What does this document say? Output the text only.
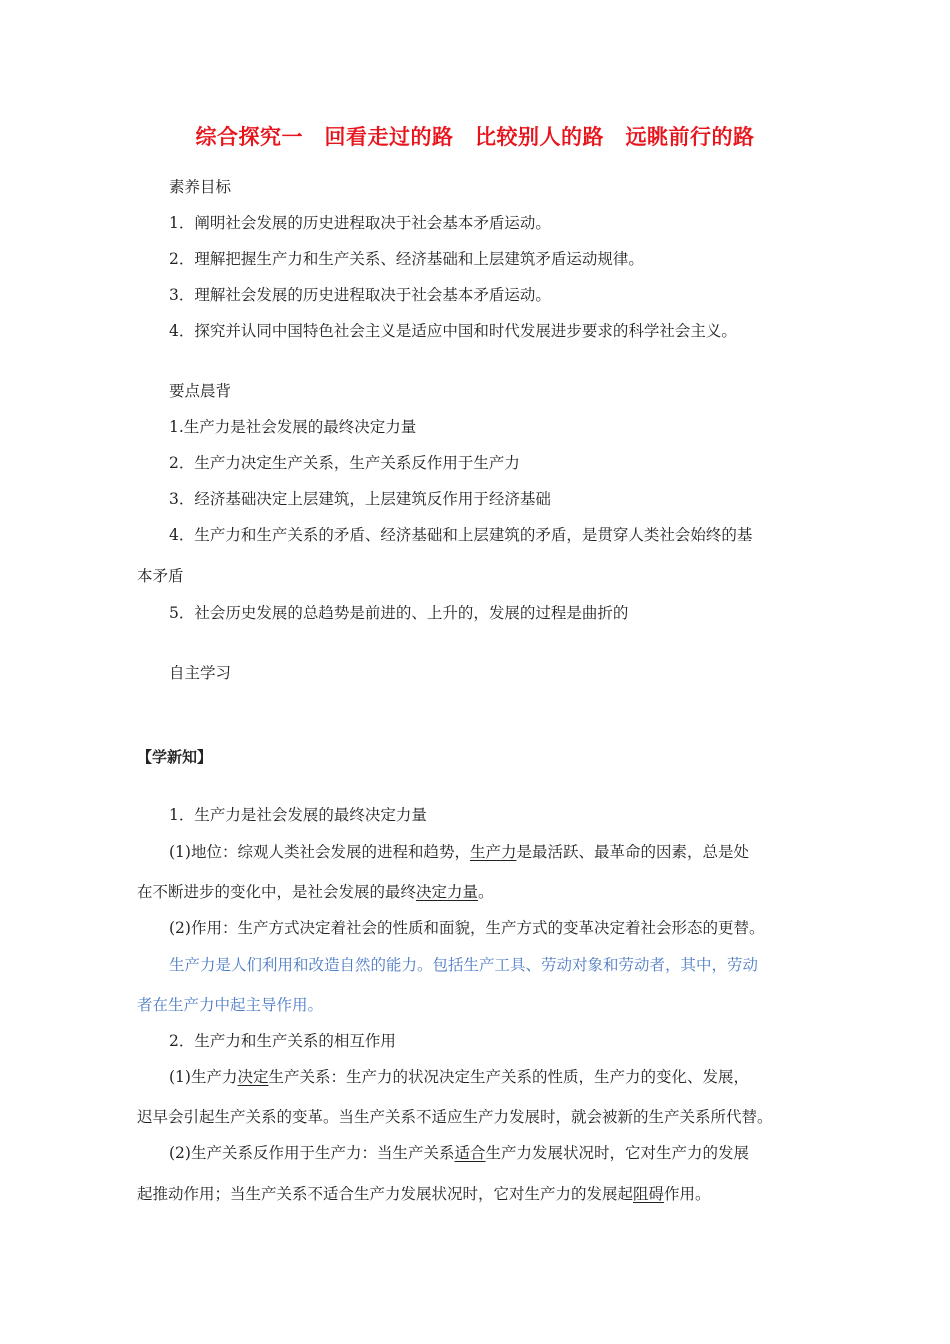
综合探究一　回看走过的路　比较别人的路　远眺前行的路
素养目标
1．阐明社会发展的历史进程取决于社会基本矛盾运动。
2．理解把握生产力和生产关系、经济基础和上层建筑矛盾运动规律。
3．理解社会发展的历史进程取决于社会基本矛盾运动。
4．探究并认同中国特色社会主义是适应中国和时代发展进步要求的科学社会主义。
要点晨背
1.生产力是社会发展的最终决定力量
2．生产力决定生产关系，生产关系反作用于生产力
3．经济基础决定上层建筑，上层建筑反作用于经济基础
4．生产力和生产关系的矛盾、经济基础和上层建筑的矛盾，是贯穿人类社会始终的基
本矛盾
5．社会历史发展的总趋势是前进的、上升的，发展的过程是曲折的
自主学习
【学新知】
1．生产力是社会发展的最终决定力量
(1)地位：综观人类社会发展的进程和趋势，生产力是最活跃、最革命的因素，总是处
在不断进步的变化中，是社会发展的最终决定力量。
(2)作用：生产方式决定着社会的性质和面貌，生产方式的变革决定着社会形态的更替。
生产力是人们利用和改造自然的能力。包括生产工具、劳动对象和劳动者，其中，劳动
者在生产力中起主导作用。
2．生产力和生产关系的相互作用
(1)生产力决定生产关系：生产力的状况决定生产关系的性质，生产力的变化、发展，
迟早会引起生产关系的变革。当生产关系不适应生产力发展时，就会被新的生产关系所代替。
(2)生产关系反作用于生产力：当生产关系适合生产力发展状况时，它对生产力的发展
起推动作用；当生产关系不适合生产力发展状况时，它对生产力的发展起阻碍作用。
